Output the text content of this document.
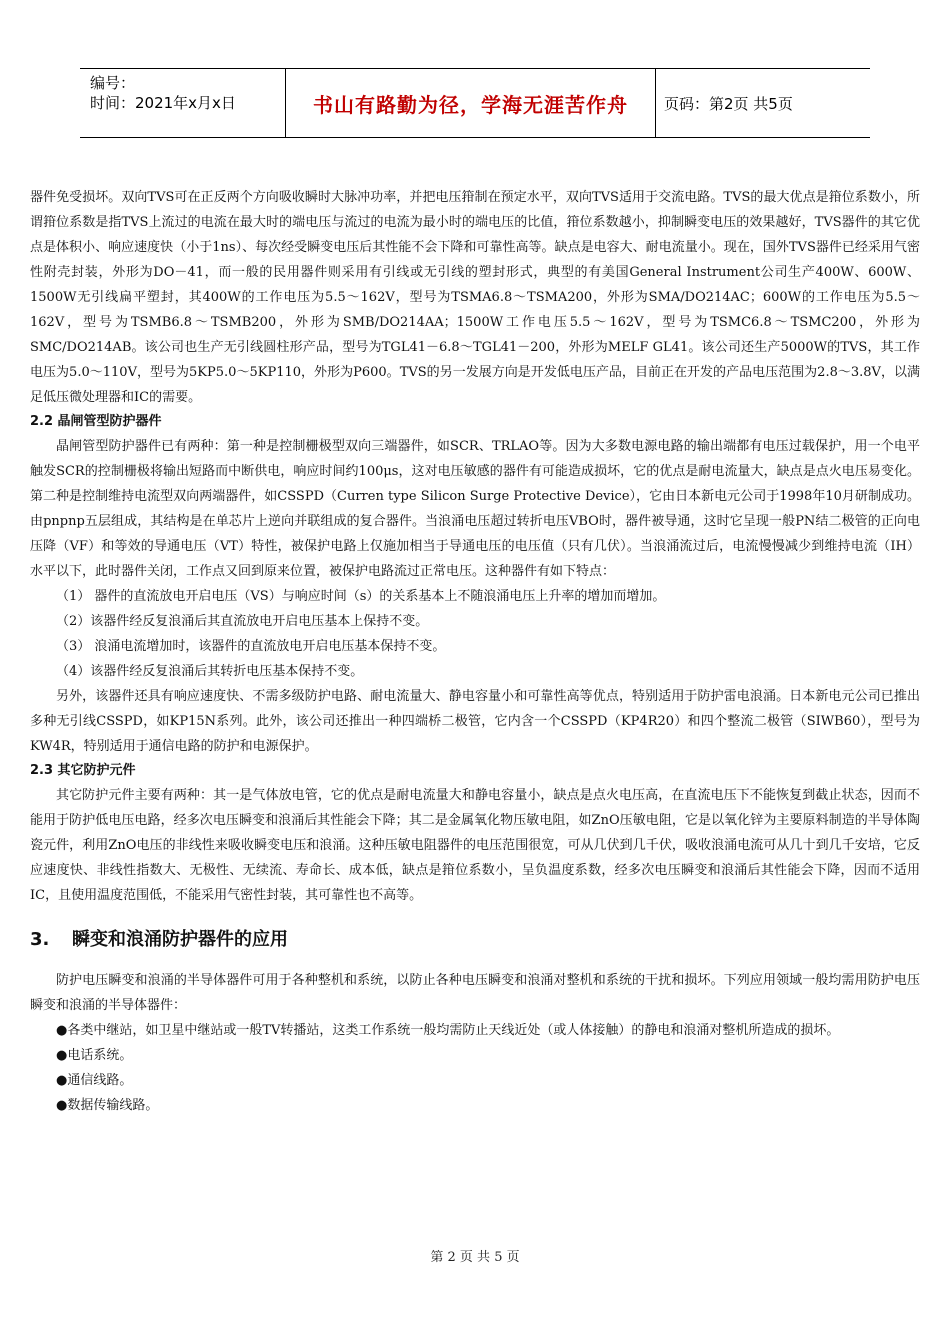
编号：
时间：2021年x月x日	书山有路勤为径，学海无涯苦作舟	页码：第2页 共5页

器件免受损坏。双向TVS可在正反两个方向吸收瞬时大脉冲功率，并把电压箝制在预定水平，双向TVS适用于交流电路。TVS的最大优点是箝位系数小，所谓箝位系数是指TVS上流过的电流在最大时的端电压与流过的电流为最小时的端电压的比值，箝位系数越小，抑制瞬变电压的效果越好，TVS器件的其它优点是体积小、响应速度快（小于1ns）、每次经受瞬变电压后其性能不会下降和可靠性高等。缺点是电容大、耐电流量小。现在，国外TVS器件已经采用气密性附壳封装，外形为DO－41，而一般的民用器件则采用有引线或无引线的塑封形式，典型的有美国General Instrument公司生产400W、600W、1500W无引线扁平塑封，其400W的工作电压为5.5～162V，型号为TSMA6.8～TSMA200，外形为SMA/DO214AC；600W的工作电压为5.5～162V，型号为TSMB6.8～TSMB200，外形为SMB/DO214AA；1500W工作电压5.5～162V，型号为TSMC6.8～TSMC200，外形为SMC/DO214AB。该公司也生产无引线圆柱形产品，型号为TGL41－6.8～TGL41－200，外形为MELF GL41。该公司还生产5000W的TVS，其工作电压为5.0～110V，型号为5KP5.0～5KP110，外形为P600。TVS的另一发展方向是开发低电压产品，目前正在开发的产品电压范围为2.8～3.8V，以满足低压微处理器和IC的需要。

2.2 晶闸管型防护器件

晶闸管型防护器件已有两种：第一种是控制栅极型双向三端器件，如SCR、TRLAO等。因为大多数电源电路的输出端都有电压过载保护，用一个电平触发SCR的控制栅极将输出短路而中断供电，响应时间约100μs，这对电压敏感的器件有可能造成损坏，它的优点是耐电流量大，缺点是点火电压易变化。第二种是控制维持电流型双向两端器件，如CSSPD（Curren type Silicon Surge Protective Device），它由日本新电元公司于1998年10月研制成功。由pnpnp五层组成，其结构是在单芯片上逆向并联组成的复合器件。当浪涌电压超过转折电压VBO时，器件被导通，这时它呈现一般PN结二极管的正向电压降（VF）和等效的导通电压（VT）特性，被保护电路上仅施加相当于导通电压的电压值（只有几伏）。当浪涌流过后，电流慢慢减少到维持电流（IH）水平以下，此时器件关闭，工作点又回到原来位置，被保护电路流过正常电压。这种器件有如下特点：

（1） 器件的直流放电开启电压（VS）与响应时间（s）的关系基本上不随浪涌电压上升率的增加而增加。

（2）该器件经反复浪涌后其直流放电开启电压基本上保持不变。

（3） 浪涌电流增加时，该器件的直流放电开启电压基本保持不变。

（4）该器件经反复浪涌后其转折电压基本保持不变。

另外，该器件还具有响应速度快、不需多级防护电路、耐电流量大、静电容量小和可靠性高等优点，特别适用于防护雷电浪涌。日本新电元公司已推出多种无引线CSSPD，如KP15N系列。此外，该公司还推出一种四端桥二极管，它内含一个CSSPD（KP4R20）和四个整流二极管（SIWB60），型号为KW4R，特别适用于通信电路的防护和电源保护。

2.3 其它防护元件

其它防护元件主要有两种：其一是气体放电管，它的优点是耐电流量大和静电容量小，缺点是点火电压高，在直流电压下不能恢复到截止状态，因而不能用于防护低电压电路，经多次电压瞬变和浪涌后其性能会下降；其二是金属氧化物压敏电阻，如ZnO压敏电阻，它是以氧化锌为主要原料制造的半导体陶瓷元件，利用ZnO电压的非线性来吸收瞬变电压和浪涌。这种压敏电阻器件的电压范围很宽，可从几伏到几千伏，吸收浪涌电流可从几十到几千安培，它反应速度快、非线性指数大、无极性、无续流、寿命长、成本低，缺点是箝位系数小，呈负温度系数，经多次电压瞬变和浪涌后其性能会下降，因而不适用IC，且使用温度范围低，不能采用气密性封装，其可靠性也不高等。

3. 瞬变和浪涌防护器件的应用

防护电压瞬变和浪涌的半导体器件可用于各种整机和系统，以防止各种电压瞬变和浪涌对整机和系统的干扰和损坏。下列应用领域一般均需用防护电压瞬变和浪涌的半导体器件：

●各类中继站，如卫星中继站或一般TV转播站，这类工作系统一般均需防止天线近处（或人体接触）的静电和浪涌对整机所造成的损坏。

●电话系统。

●通信线路。

●数据传输线路。

第 2 页 共 5 页
